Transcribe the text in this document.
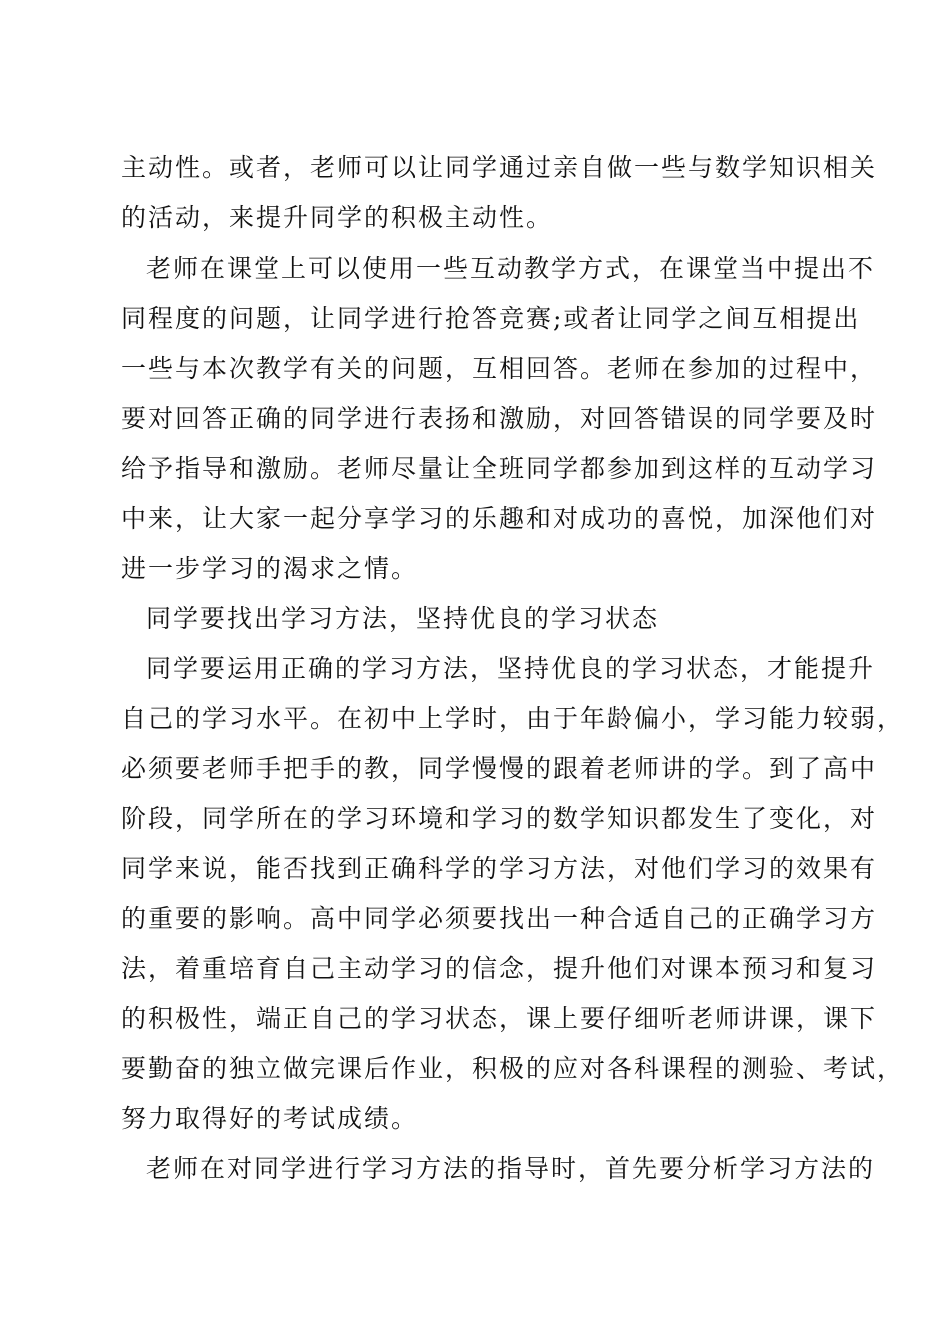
主动性。或者，老师可以让同学通过亲自做一些与数学知识相关
的活动，来提升同学的积极主动性。
老师在课堂上可以使用一些互动教学方式，在课堂当中提出不
同程度的问题，让同学进行抢答竞赛;或者让同学之间互相提出
一些与本次教学有关的问题，互相回答。老师在参加的过程中，
要对回答正确的同学进行表扬和激励，对回答错误的同学要及时
给予指导和激励。老师尽量让全班同学都参加到这样的互动学习
中来，让大家一起分享学习的乐趣和对成功的喜悦，加深他们对
进一步学习的渴求之情。
同学要找出学习方法，坚持优良的学习状态
同学要运用正确的学习方法，坚持优良的学习状态，才能提升
自己的学习水平。在初中上学时，由于年龄偏小，学习能力较弱，
必须要老师手把手的教，同学慢慢的跟着老师讲的学。到了高中
阶段，同学所在的学习环境和学习的数学知识都发生了变化，对
同学来说，能否找到正确科学的学习方法，对他们学习的效果有
的重要的影响。高中同学必须要找出一种合适自己的正确学习方
法，着重培育自己主动学习的信念，提升他们对课本预习和复习
的积极性，端正自己的学习状态，课上要仔细听老师讲课，课下
要勤奋的独立做完课后作业，积极的应对各科课程的测验、考试，
努力取得好的考试成绩。
老师在对同学进行学习方法的指导时，首先要分析学习方法的
